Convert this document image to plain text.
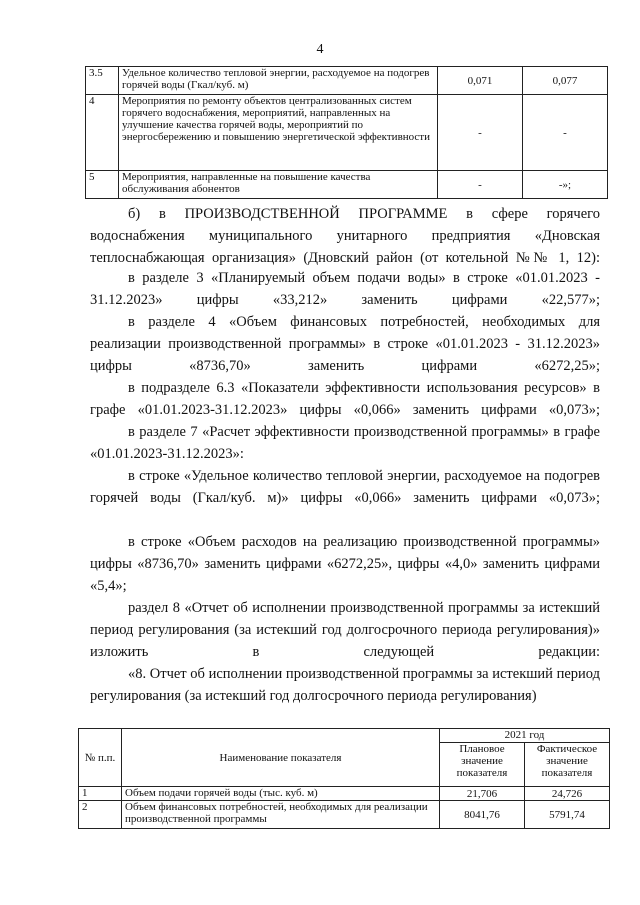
4
3.5	Удельное количество тепловой энергии, расходуемое на подогрев горячей воды (Гкал/куб. м)	0,071	0,077
4	Мероприятия по ремонту объектов централизованных систем горячего водоснабжения, мероприятий, направленных на улучшение качества горячей воды, мероприятий по энергосбережению и повышению энергетической эффективности	-	-
5	Мероприятия, направленные на повышение качества обслуживания абонентов	-	-»;
б) в ПРОИЗВОДСТВЕННОЙ ПРОГРАММЕ в сфере горячего водоснабжения муниципального унитарного предприятия «Дновская теплоснабжающая организация» (Дновский район (от котельной №№ 1, 12):
в разделе 3 «Планируемый объем подачи воды» в строке «01.01.2023 - 31.12.2023» цифры «33,212» заменить цифрами «22,577»;
в разделе 4 «Объем финансовых потребностей, необходимых для реализации производственной программы» в строке «01.01.2023 - 31.12.2023» цифры «8736,70» заменить цифрами «6272,25»;
в подразделе 6.3 «Показатели эффективности использования ресурсов» в графе «01.01.2023-31.12.2023» цифры «0,066» заменить цифрами «0,073»;
в разделе 7 «Расчет эффективности производственной программы» в графе «01.01.2023-31.12.2023»:
в строке «Удельное количество тепловой энергии, расходуемое на подогрев горячей воды (Гкал/куб. м)» цифры «0,066» заменить цифрами «0,073»;
в строке «Объем расходов на реализацию производственной программы» цифры «8736,70» заменить цифрами «6272,25», цифры «4,0» заменить цифрами «5,4»;
раздел 8 «Отчет об исполнении производственной программы за истекший период регулирования (за истекший год долгосрочного периода регулирования)» изложить в следующей редакции:
«8. Отчет об исполнении производственной программы за истекший период регулирования (за истекший год долгосрочного периода регулирования)
№ п.п.	Наименование показателя	2021 год	
		Плановое значение показателя	Фактическое значение показателя
1	Объем подачи горячей воды (тыс. куб. м)	21,706	24,726
2	Объем финансовых потребностей, необходимых для реализации производственной программы	8041,76	5791,74
